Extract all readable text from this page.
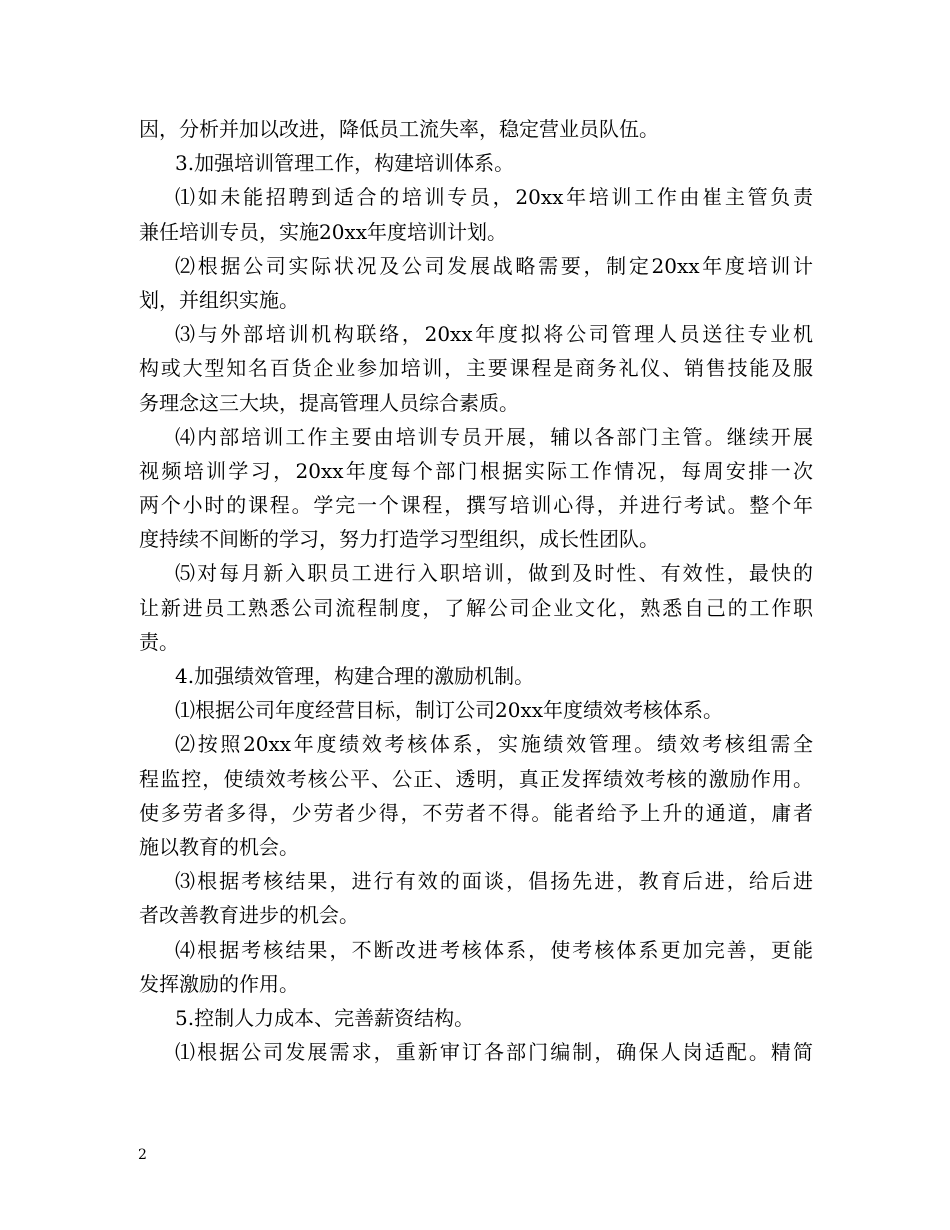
因，分析并加以改进，降低员工流失率，稳定营业员队伍。
3.加强培训管理工作，构建培训体系。
⑴如未能招聘到适合的培训专员，20xx年培训工作由崔主管负责
兼任培训专员，实施20xx年度培训计划。
⑵根据公司实际状况及公司发展战略需要，制定20xx年度培训计
划，并组织实施。
⑶与外部培训机构联络，20xx年度拟将公司管理人员送往专业机
构或大型知名百货企业参加培训，主要课程是商务礼仪、销售技能及服
务理念这三大块，提高管理人员综合素质。
⑷内部培训工作主要由培训专员开展，辅以各部门主管。继续开展
视频培训学习，20xx年度每个部门根据实际工作情况，每周安排一次
两个小时的课程。学完一个课程，撰写培训心得，并进行考试。整个年
度持续不间断的学习，努力打造学习型组织，成长性团队。
⑸对每月新入职员工进行入职培训，做到及时性、有效性，最快的
让新进员工熟悉公司流程制度，了解公司企业文化，熟悉自己的工作职
责。
4.加强绩效管理，构建合理的激励机制。
⑴根据公司年度经营目标，制订公司20xx年度绩效考核体系。
⑵按照20xx年度绩效考核体系，实施绩效管理。绩效考核组需全
程监控，使绩效考核公平、公正、透明，真正发挥绩效考核的激励作用。
使多劳者多得，少劳者少得，不劳者不得。能者给予上升的通道，庸者
施以教育的机会。
⑶根据考核结果，进行有效的面谈，倡扬先进，教育后进，给后进
者改善教育进步的机会。
⑷根据考核结果，不断改进考核体系，使考核体系更加完善，更能
发挥激励的作用。
5.控制人力成本、完善薪资结构。
⑴根据公司发展需求，重新审订各部门编制，确保人岗适配。精简
2
